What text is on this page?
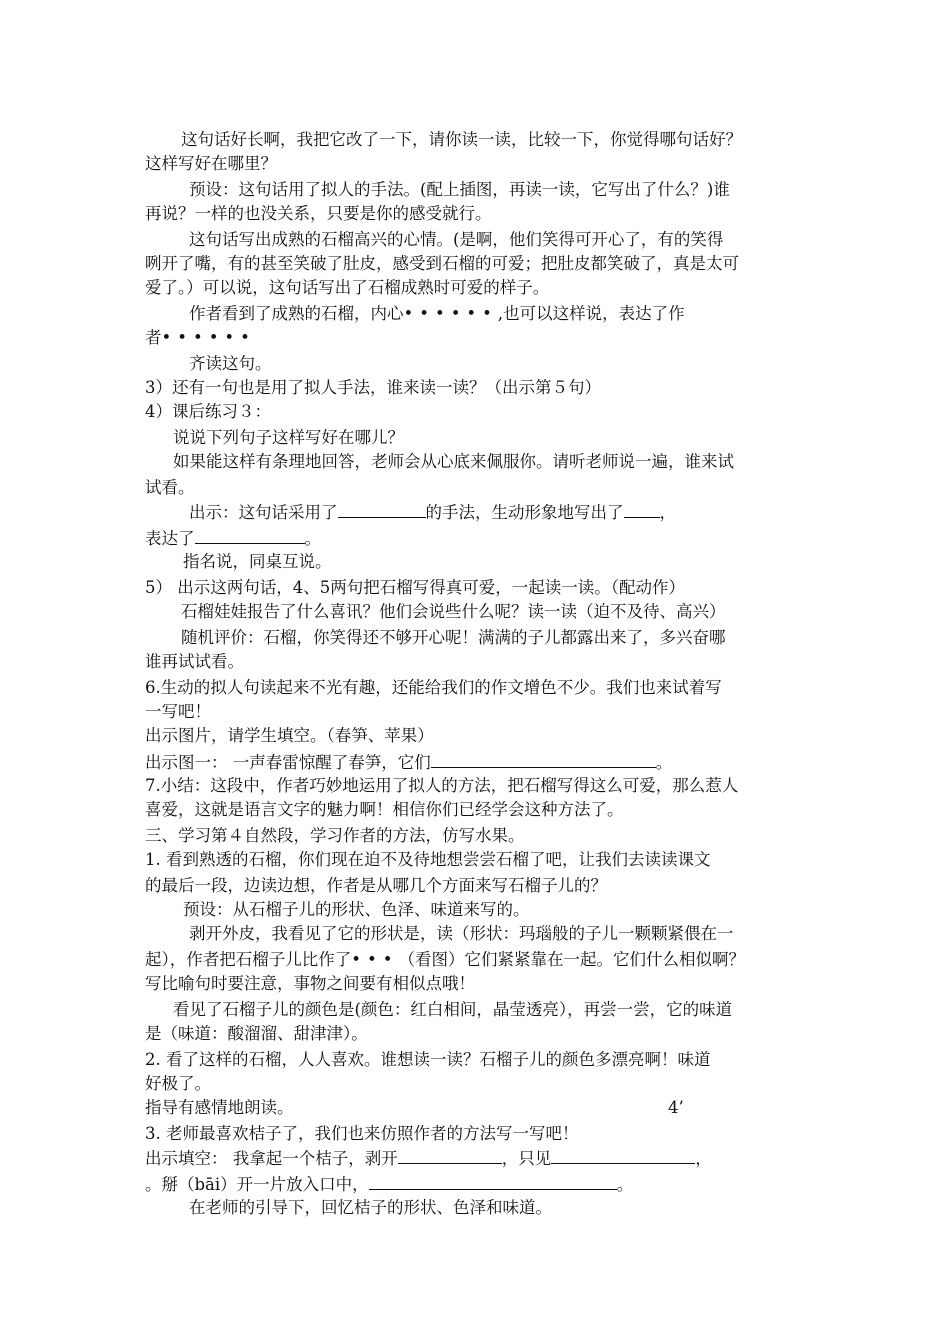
这句话好长啊，我把它改了一下，请你读一读，比较一下，你觉得哪句话好？
这样写好在哪里？
预设：这句话用了拟人的手法。(配上插图，再读一读，它写出了什么？)谁
再说？一样的也没关系，只要是你的感受就行。
这句话写出成熟的石榴高兴的心情。(是啊，他们笑得可开心了，有的笑得
咧开了嘴，有的甚至笑破了肚皮，感受到石榴的可爱；把肚皮都笑破了，真是太可
爱了。）可以说，这句话写出了石榴成熟时可爱的样子。
作者看到了成熟的石榴，内心••••••,也可以这样说，表达了作
者••••••
齐读这句。
3）还有一句也是用了拟人手法，谁来读一读？（出示第５句）
4）课后练习３：
说说下列句子这样写好在哪儿？
如果能这样有条理地回答，老师会从心底来佩服你。请听老师说一遍，谁来试
试看。
出示：这句话采用了	的手法，生动形象地写出了 ，
表达了	。
指名说，同桌互说。
5） 出示这两句话，4、5两句把石榴写得真可爱，一起读一读。（配动作）
石榴娃娃报告了什么喜讯？他们会说些什么呢？读一读（迫不及待、高兴）
随机评价：石榴，你笑得还不够开心呢！满满的子儿都露出来了，多兴奋哪
谁再试试看。
6.生动的拟人句读起来不光有趣，还能给我们的作文增色不少。我们也来试着写
一写吧！
出示图片，请学生填空。（春笋、苹果）
出示图一： 一声春雷惊醒了春笋，它们	。
7.小结：这段中，作者巧妙地运用了拟人的方法，把石榴写得这么可爱，那么惹人
喜爱，这就是语言文字的魅力啊！相信你们已经学会这种方法了。
三、学习第４自然段，学习作者的方法，仿写水果。
1. 看到熟透的石榴，你们现在迫不及待地想尝尝石榴了吧，让我们去读读课文
的最后一段，边读边想，作者是从哪几个方面来写石榴子儿的？
预设：从石榴子儿的形状、色泽、味道来写的。
剥开外皮，我看见了它的形状是，读（形状：玛瑙般的子儿一颗颗紧偎在一
起），作者把石榴子儿比作了•••（看图）它们紧紧靠在一起。它们什么相似啊？
写比喻句时要注意，事物之间要有相似点哦！
看见了石榴子儿的颜色是(颜色：红白相间，晶莹透亮），再尝一尝，它的味道
是（味道：酸溜溜、甜津津）。
2. 看了这样的石榴，人人喜欢。谁想读一读？石榴子儿的颜色多漂亮啊！味道
好极了。
指导有感情地朗读。	4’
3. 老师最喜欢桔子了，我们也来仿照作者的方法写一写吧！
出示填空： 我拿起一个桔子，剥开	，只见	，
。掰（bāi）开一片放入口中，	。
在老师的引导下，回忆桔子的形状、色泽和味道。
